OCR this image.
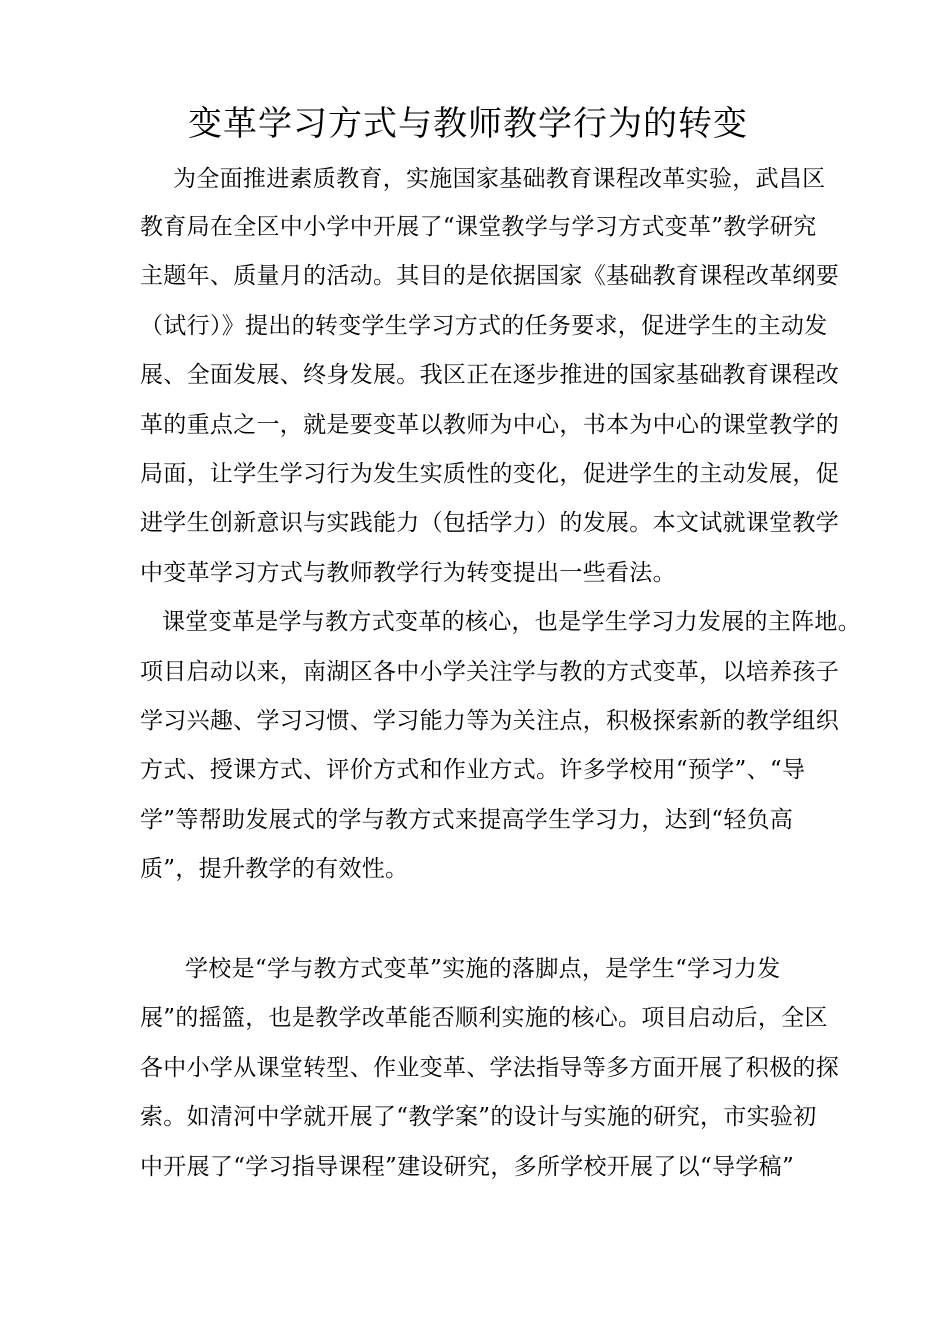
变革学习方式与教师教学行为的转变

为全面推进素质教育，实施国家基础教育课程改革实验，武昌区

教育局在全区中小学中开展了“课堂教学与学习方式变革”教学研究

主题年、质量月的活动。其目的是依据国家《基础教育课程改革纲要

（试行）》提出的转变学生学习方式的任务要求，促进学生的主动发

展、全面发展、终身发展。我区正在逐步推进的国家基础教育课程改

革的重点之一，就是要变革以教师为中心，书本为中心的课堂教学的

局面，让学生学习行为发生实质性的变化，促进学生的主动发展，促

进学生创新意识与实践能力（包括学力）的发展。本文试就课堂教学

中变革学习方式与教师教学行为转变提出一些看法。

课堂变革是学与教方式变革的核心，也是学生学习力发展的主阵地。

项目启动以来，南湖区各中小学关注学与教的方式变革，以培养孩子

学习兴趣、学习习惯、学习能力等为关注点，积极探索新的教学组织

方式、授课方式、评价方式和作业方式。许多学校用“预学”、“导

学”等帮助发展式的学与教方式来提高学生学习力，达到“轻负高

质”，提升教学的有效性。

学校是“学与教方式变革”实施的落脚点，是学生“学习力发

展”的摇篮，也是教学改革能否顺利实施的核心。项目启动后，全区

各中小学从课堂转型、作业变革、学法指导等多方面开展了积极的探

索。如清河中学就开展了“教学案”的设计与实施的研究，市实验初

中开展了“学习指导课程”建设研究，多所学校开展了以“导学稿”
